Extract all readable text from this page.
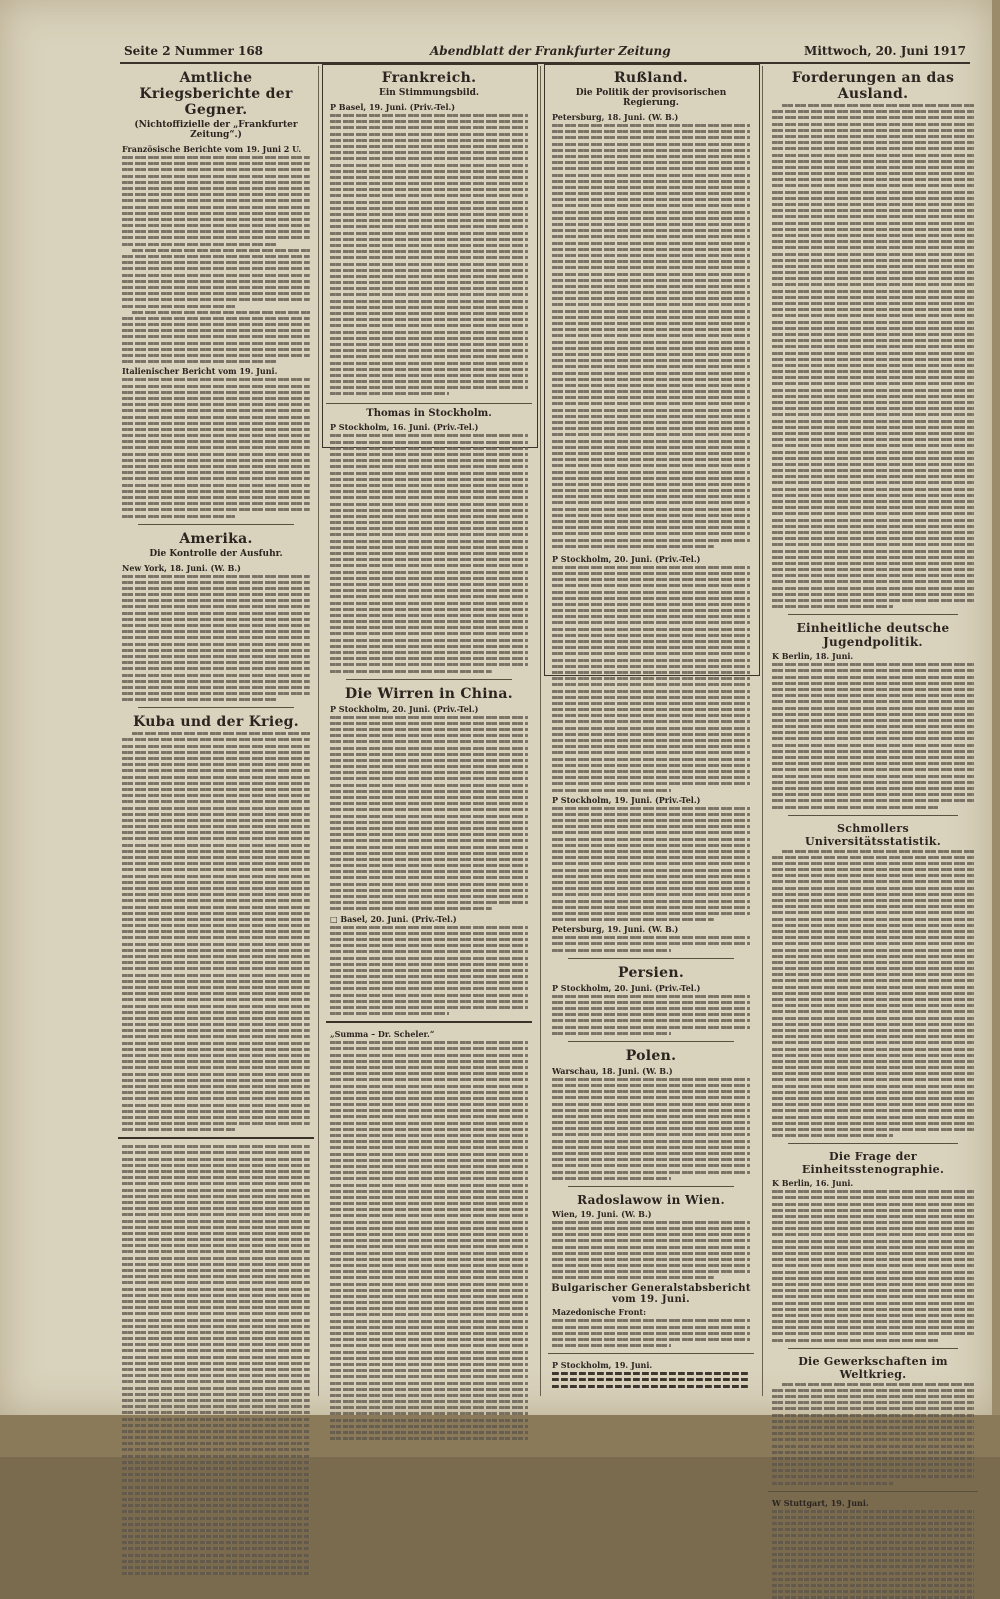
Seite 2 Nummer 168	Abendblatt der Frankfurter Zeitung	Mittwoch, 20. Juni 1917
Amtliche Kriegsberichte der Gegner.
(Nichtoffizielle der „Frankfurter Zeitung“.)
Französische Berichte vom 19. Juni 2 U.
Italienischer Bericht vom 19. Juni.
Amerika.
Die Kontrolle der Ausfuhr.
New York, 18. Juni. (W. B.)
Kuba und der Krieg.
Frankreich.
Ein Stimmungsbild.
P Basel, 19. Juni. (Priv.-Tel.)
Thomas in Stockholm.
P Stockholm, 16. Juni. (Priv.-Tel.)
Die Wirren in China.
P Stockholm, 20. Juni. (Priv.-Tel.)
□ Basel, 20. Juni. (Priv.-Tel.)
„Summa – Dr. Scheler.“
Rußland.
Die Politik der provisorischen Regierung.
Petersburg, 18. Juni. (W. B.)
P Stockholm, 20. Juni. (Priv.-Tel.)
P Stockholm, 19. Juni. (Priv.-Tel.)
Petersburg, 19. Juni. (W. B.)
Persien.
P Stockholm, 20. Juni. (Priv.-Tel.)
Polen.
Warschau, 18. Juni. (W. B.)
Radoslawow in Wien.
Wien, 19. Juni. (W. B.)
Bulgarischer Generalstabsbericht vom 19. Juni.
Mazedonische Front:
P Stockholm, 19. Juni.
Forderungen an das Ausland.
Einheitliche deutsche Jugendpolitik.
K Berlin, 18. Juni.
Schmollers Universitätsstatistik.
Die Frage der Einheitsstenographie.
K Berlin, 16. Juni.
Die Gewerkschaften im Weltkrieg.
W Stuttgart, 19. Juni.
